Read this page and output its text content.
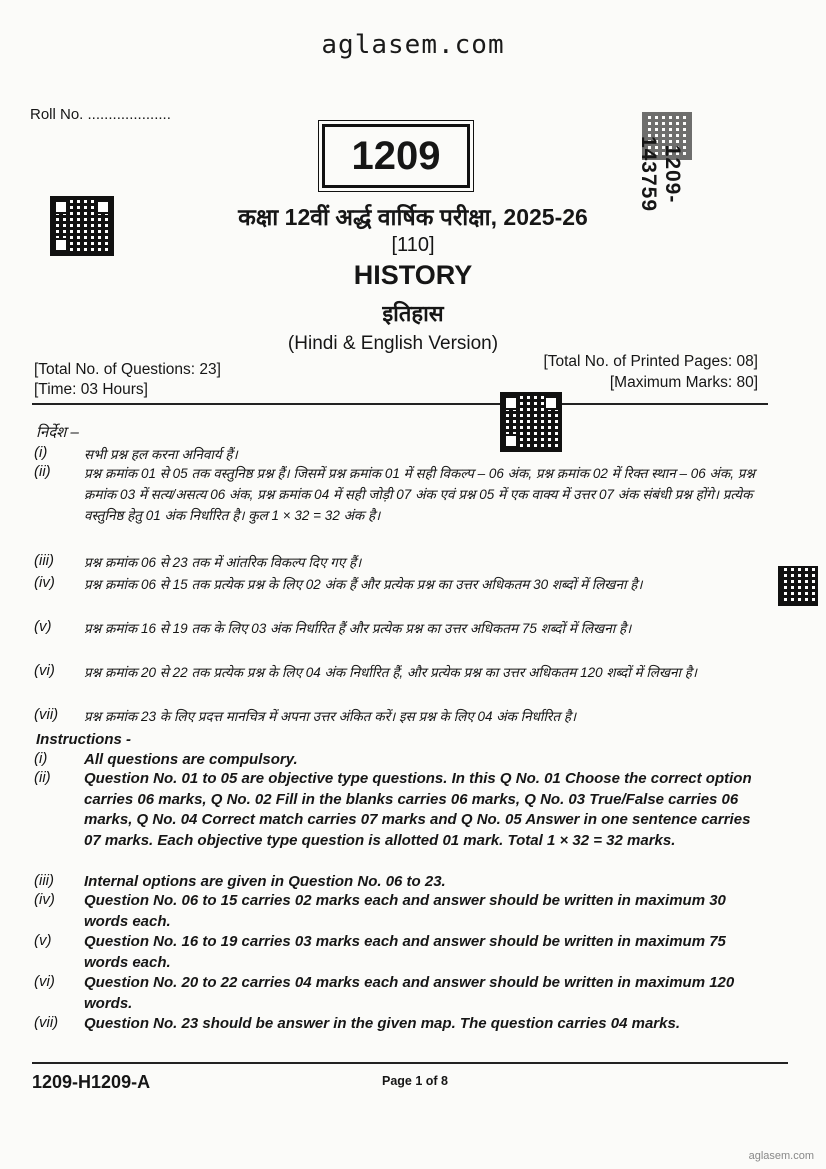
aglasem.com
Roll No. ....................
1209	1209-143759
कक्षा 12वीं अर्द्ध वार्षिक परीक्षा, 2025-26
[110]
HISTORY
इतिहास
(Hindi & English Version)
[Total No. of Questions: 23]
[Time: 03 Hours]
[Total No. of Printed Pages: 08]
[Maximum Marks: 80]
निर्देश –
(i)	सभी प्रश्न हल करना अनिवार्य हैं।
(ii)	प्रश्न क्रमांक 01 से 05 तक वस्तुनिष्ठ प्रश्न हैं। जिसमें प्रश्न क्रमांक 01 में सही विकल्प – 06 अंक, प्रश्न क्रमांक 02 में रिक्त स्थान – 06 अंक, प्रश्न क्रमांक 03 में सत्य/असत्य 06 अंक, प्रश्न क्रमांक 04 में सही जोड़ी 07 अंक एवं प्रश्न 05 में एक वाक्य में उत्तर 07 अंक संबंधी प्रश्न होंगे। प्रत्येक वस्तुनिष्ठ हेतु 01 अंक निर्धारित है। कुल 1 × 32 = 32 अंक है।
(iii)	प्रश्न क्रमांक 06 से 23 तक में आंतरिक विकल्प दिए गए हैं।
(iv)	प्रश्न क्रमांक 06 से 15 तक प्रत्येक प्रश्न के लिए 02 अंक हैं और प्रत्येक प्रश्न का उत्तर अधिकतम 30 शब्दों में लिखना है।
(v)	प्रश्न क्रमांक 16 से 19 तक के लिए 03 अंक निर्धारित हैं और प्रत्येक प्रश्न का उत्तर अधिकतम 75 शब्दों में लिखना है।
(vi)	प्रश्न क्रमांक 20 से 22 तक प्रत्येक प्रश्न के लिए 04 अंक निर्धारित हैं, और प्रत्येक प्रश्न का उत्तर अधिकतम 120 शब्दों में लिखना है।
(vii)	प्रश्न क्रमांक 23 के लिए प्रदत्त मानचित्र में अपना उत्तर अंकित करें। इस प्रश्न के लिए 04 अंक निर्धारित है।
Instructions -
(i)	All questions are compulsory.
(ii)	Question No. 01 to 05 are objective type questions. In this Q No. 01 Choose the correct option carries 06 marks, Q No. 02 Fill in the blanks carries 06 marks, Q No. 03 True/False carries 06 marks, Q No. 04 Correct match carries 07 marks and Q No. 05 Answer in one sentence carries 07 marks. Each objective type question is allotted 01 mark. Total 1 × 32 = 32 marks.
(iii)	Internal options are given in Question No. 06 to 23.
(iv)	Question No. 06 to 15 carries 02 marks each and answer should be written in maximum 30 words each.
(v)	Question No. 16 to 19 carries 03 marks each and answer should be written in maximum 75 words each.
(vi)	Question No. 20 to 22 carries 04 marks each and answer should be written in maximum 120 words.
(vii)	Question No. 23 should be answer in the given map. The question carries 04 marks.
1209-H1209-A	Page 1 of 8
aglasem.com
